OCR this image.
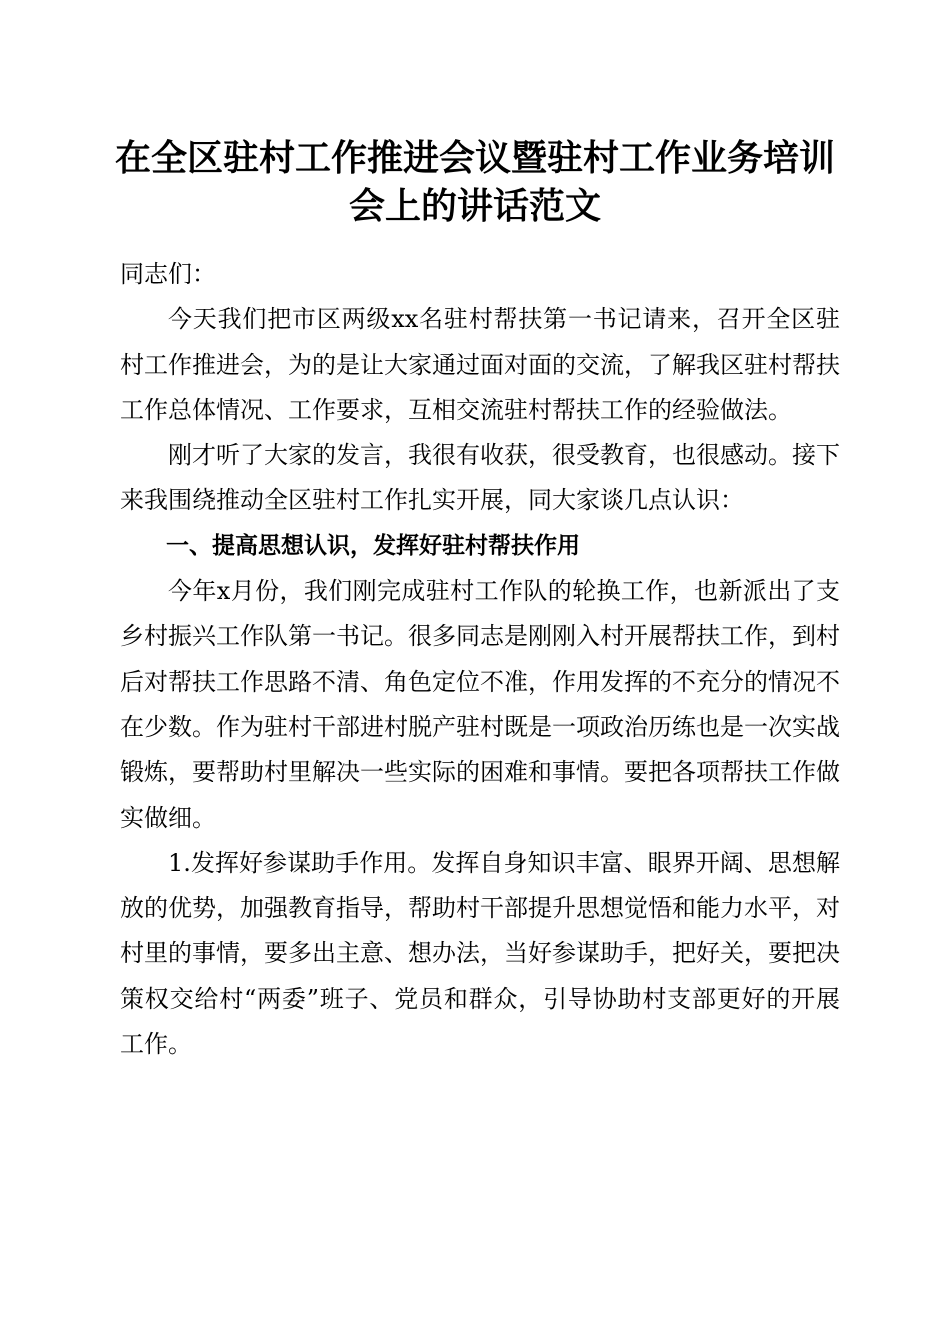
在全区驻村工作推进会议暨驻村工作业务培训
会上的讲话范文

同志们：

今天我们把市区两级xx名驻村帮扶第一书记请来，召开全区驻村工作推进会，为的是让大家通过面对面的交流，了解我区驻村帮扶工作总体情况、工作要求，互相交流驻村帮扶工作的经验做法。

刚才听了大家的发言，我很有收获，很受教育，也很感动。接下来我围绕推动全区驻村工作扎实开展，同大家谈几点认识：

一、提高思想认识，发挥好驻村帮扶作用

今年x月份，我们刚完成驻村工作队的轮换工作，也新派出了支乡村振兴工作队第一书记。很多同志是刚刚入村开展帮扶工作，到村后对帮扶工作思路不清、角色定位不准，作用发挥的不充分的情况不在少数。作为驻村干部进村脱产驻村既是一项政治历练也是一次实战锻炼，要帮助村里解决一些实际的困难和事情。要把各项帮扶工作做实做细。

1.发挥好参谋助手作用。发挥自身知识丰富、眼界开阔、思想解放的优势，加强教育指导，帮助村干部提升思想觉悟和能力水平，对村里的事情，要多出主意、想办法，当好参谋助手，把好关，要把决策权交给村“两委”班子、党员和群众，引导协助村支部更好的开展工作。
